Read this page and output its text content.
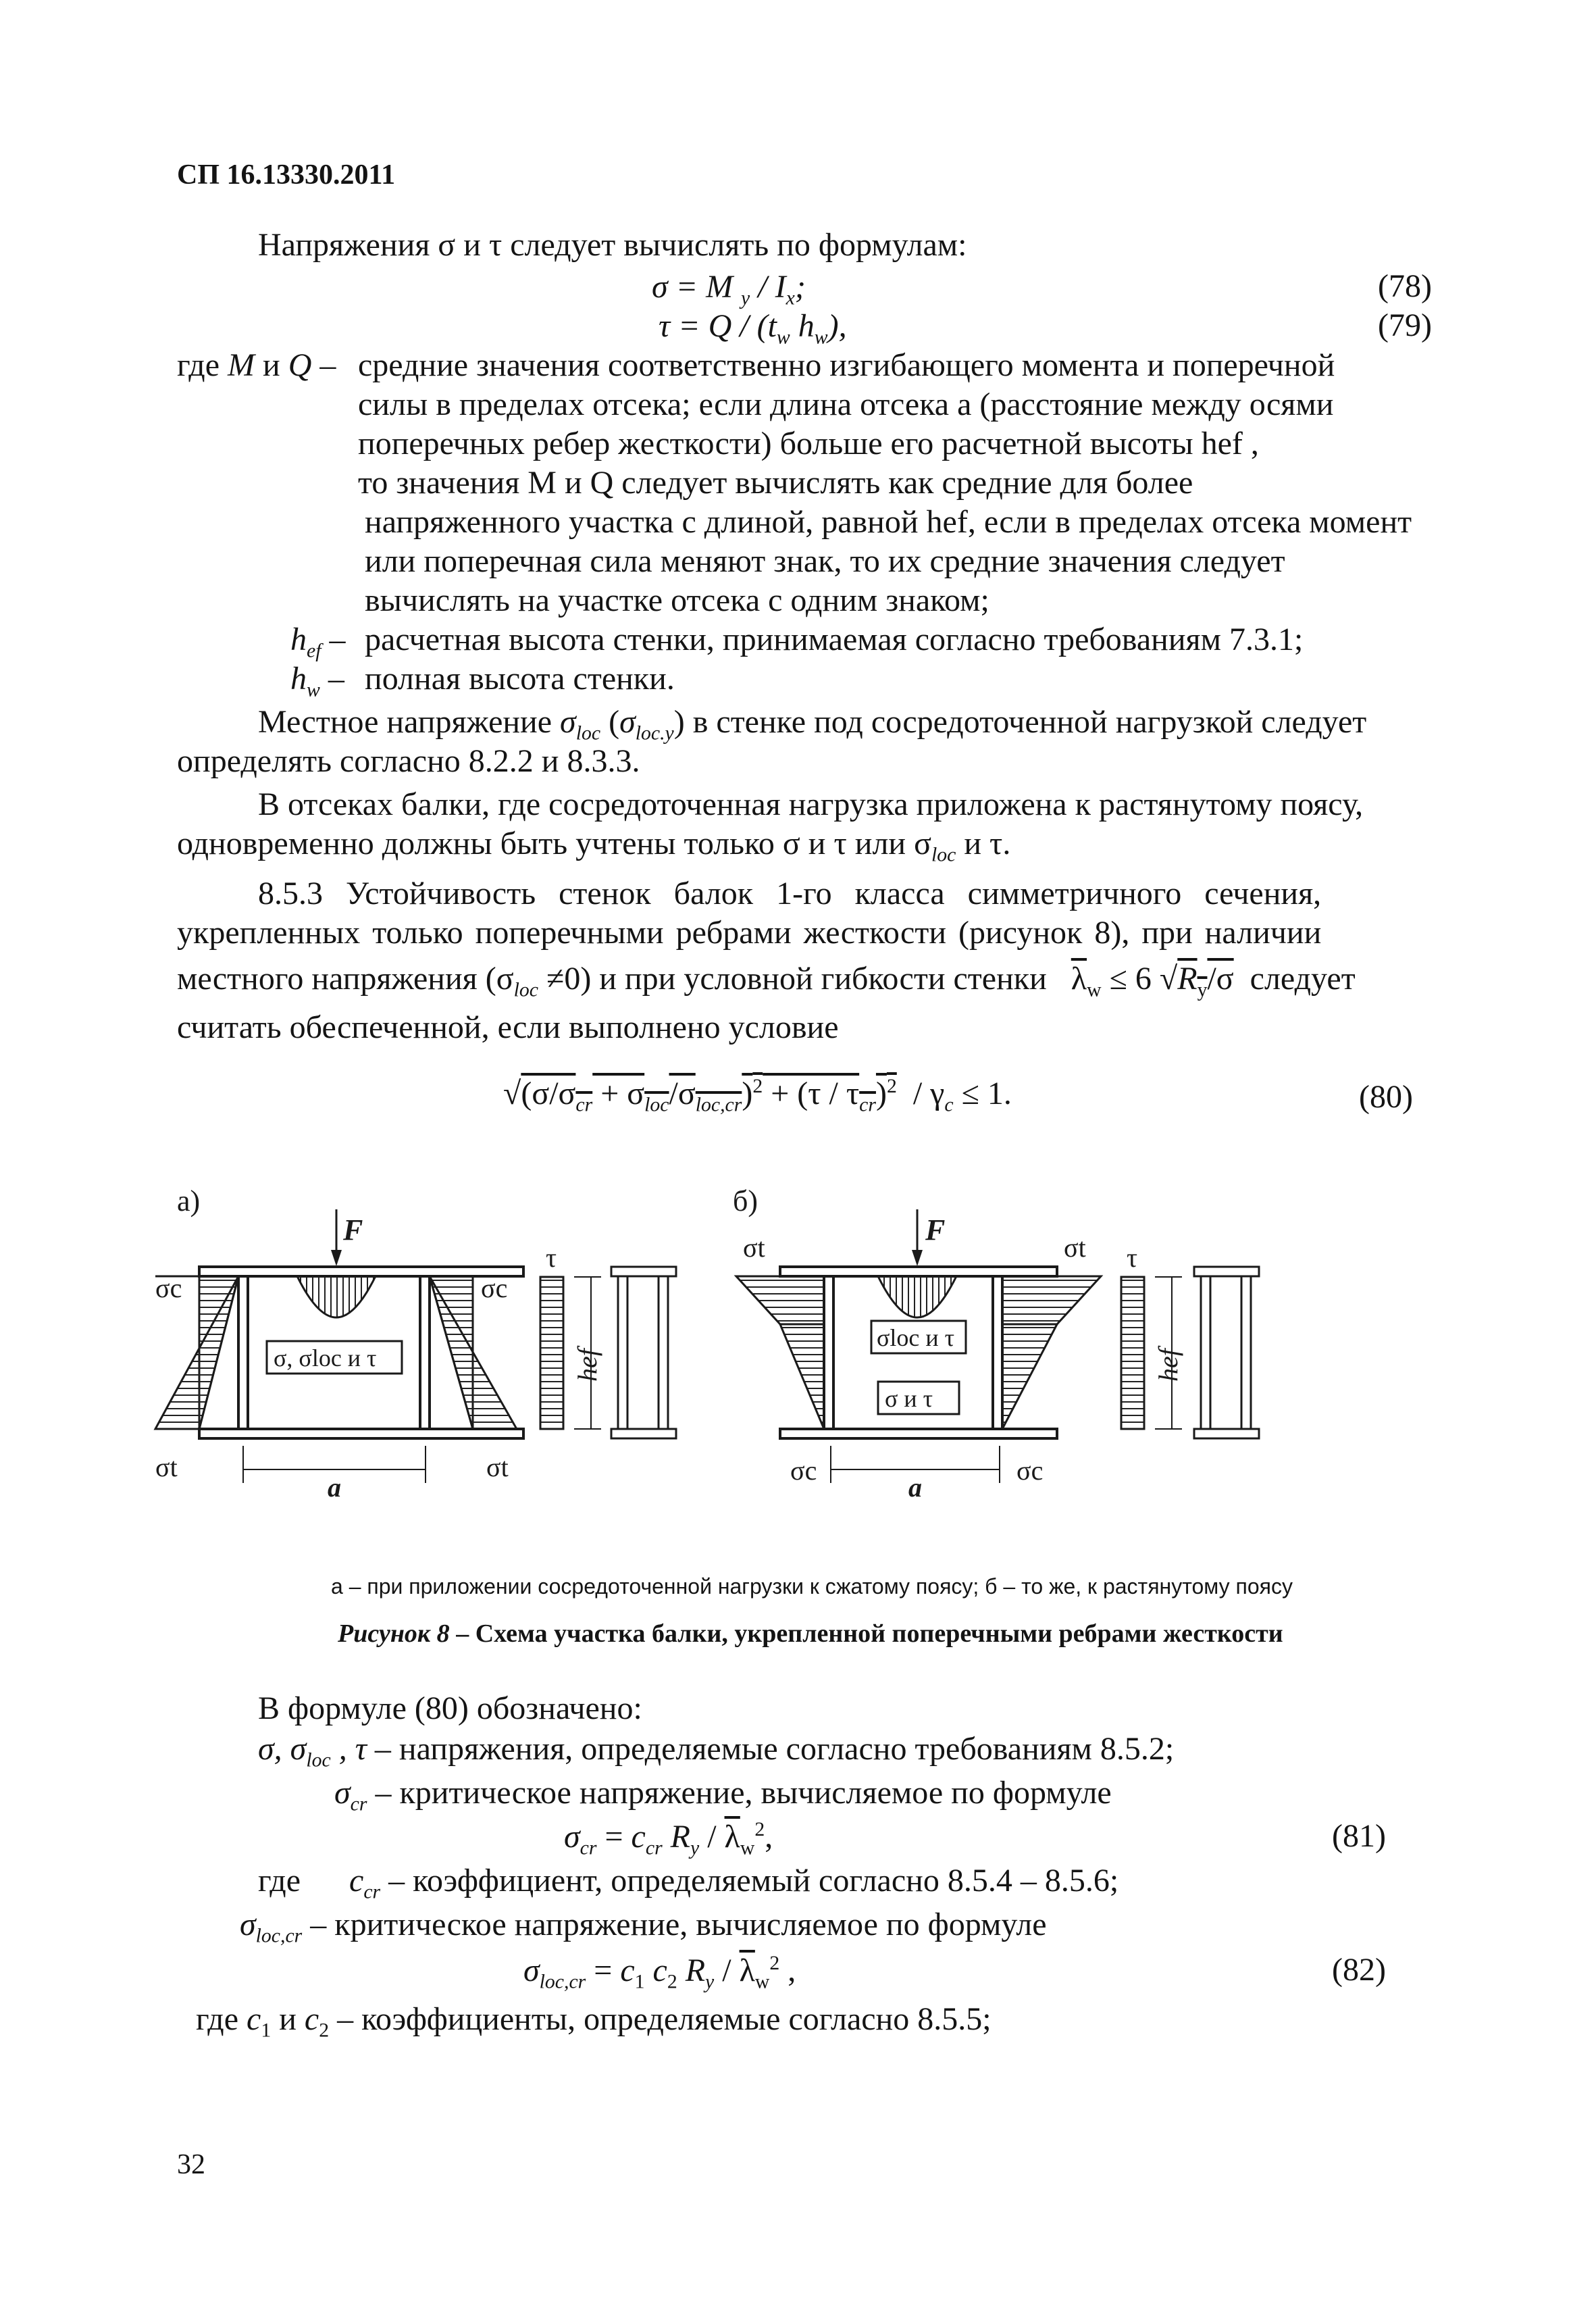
СП 16.13330.2011
Напряжения σ и τ следует вычислять по формулам:
σ = M $_y / I_x$;	(78)
$\tau = Q / (t_w$ $h_w$),	(79)
где M и Q – средние значения соответственно изгибающего момента и поперечной
силы в пределах отсека; если длина отсека a (расстояние между осями
поперечных ребер жесткости) больше его расчетной высоты hef ,
то значения M и Q следует вычислять как средние для более
напряженного участка с длиной, равной hef, если в пределах отсека момент
или поперечная сила меняют знак, то их средние значения следует
вычислять на участке отсека с одним знаком;
$h_{ef}$ – расчетная высота стенки, принимаемая согласно требованиям 7.3.1;
$h_w$ – полная высота стенки.
Местное напряжение $\sigma_{loc}$ $(\sigma_{loc.y})$ в стенке под сосредоточенной нагрузкой следует
определять согласно 8.2.2 и 8.3.3.
В отсеках балки, где сосредоточенная нагрузка приложена к растянутому поясу,
одновременно должны быть учтены только σ и τ или $\sigma_{loc}$ и τ.
8.5.3 Устойчивость стенок балок 1-го класса симметричного сечения,
укрепленных только поперечными ребрами жесткости (рисунок 8), при наличии
местного напряжения $(\sigma_{loc} \ne 0)$ и при условной гибкости стенки   $\overline{\lambda}_w \le 6$ $√R_y/\sigma$  следует
считать обеспеченной, если выполнено условие
$√(\sigma/\sigma_{cr} + \sigma_{loc}/\sigma_{loc,cr})^2 + (\tau / \tau_{cr})^2 / \gamma_c \le 1$.	(80)
а)
F
σc	σc
σt	σt
τ
hef
a
σ, σloc и τ
б)
F
σt	σt
σc	σc
τ
hef
a
σloc и τ
σ и τ
а – при приложении сосредоточенной нагрузки к сжатому поясу; б – то же, к растянутому поясу
Рисунок 8 – Схема участка балки, укрепленной поперечными ребрами жесткости
В формуле (80) обозначено:
σ, $\sigma_{loc}$ , τ – напряжения, определяемые согласно требованиям 8.5.2;
$\sigma_{cr}$ – критическое напряжение, вычисляемое по формуле
$\sigma_{cr} = c_{cr}$ $R_y / \overline{\lambda}_w^2$,	(81)
где      $c_{cr}$ – коэффициент, определяемый согласно 8.5.4 – 8.5.6;
$\sigma_{loc,cr}$ – критическое напряжение, вычисляемое по формуле
$\sigma_{loc,cr} = c_1$ $c_2$ $R_y / \overline{\lambda}_w^2$ ,	(82)
где $c_1$ и $c_2$ – коэффициенты, определяемые согласно 8.5.5;
32
